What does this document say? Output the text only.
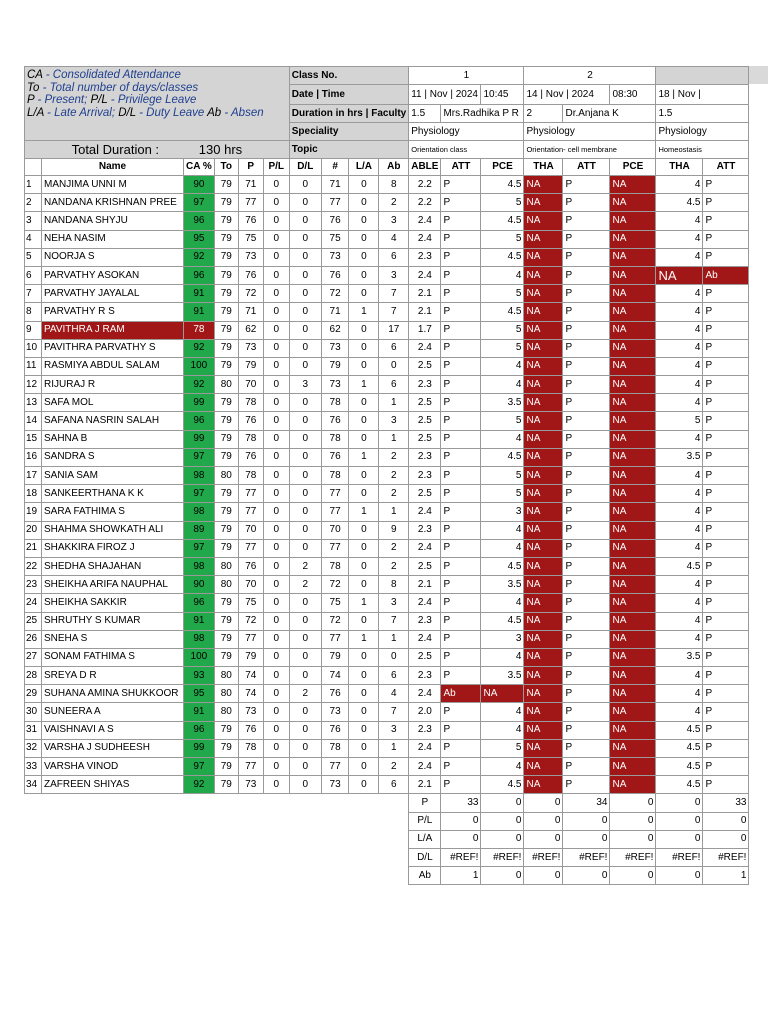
CA - Consolidated Attendance
To - Total number of days/classes
P - Present; P/L - Privilege Leave
L/A - Late Arrival; D/L - Duty Leave Ab - Absen						Class No.				1			2				
						Date | Time				11 | Nov | 2024		10:45	14 | Nov | 2024		08:30	18 | Nov |	
						Duration in hrs | Faculty				1.5	Mrs.Radhika P R		2	Dr.Anjana K		1.5	
						Speciality				Physiology			Physiology			Physiology	
Total Duration : 130 hrs						Topic				Orientation class			Orientation- cell membrane			Homeostasis	
	Name	CA %	To	P	P/L	D/L	#	L/A	Ab	ABLE	ATT	PCE	THA	ATT	PCE	THA	ATT
1	MANJIMA UNNI M	90	79	71	0	0	71	0	8	2.2	P	4.5	NA	P	NA	4	P
2	NANDANA KRISHNAN PREE	97	79	77	0	0	77	0	2	2.2	P	5	NA	P	NA	4.5	P
3	NANDANA SHYJU	96	79	76	0	0	76	0	3	2.4	P	4.5	NA	P	NA	4	P
4	NEHA NASIM	95	79	75	0	0	75	0	4	2.4	P	5	NA	P	NA	4	P
5	NOORJA S	92	79	73	0	0	73	0	6	2.3	P	4.5	NA	P	NA	4	P
6	PARVATHY ASOKAN	96	79	76	0	0	76	0	3	2.4	P	4	NA	P	NA	NA	Ab
7	PARVATHY JAYALAL	91	79	72	0	0	72	0	7	2.1	P	5	NA	P	NA	4	P
8	PARVATHY R S	91	79	71	0	0	71	1	7	2.1	P	4.5	NA	P	NA	4	P
9	PAVITHRA J RAM	78	79	62	0	0	62	0	17	1.7	P	5	NA	P	NA	4	P
10	PAVITHRA PARVATHY S	92	79	73	0	0	73	0	6	2.4	P	5	NA	P	NA	4	P
11	RASMIYA ABDUL SALAM	100	79	79	0	0	79	0	0	2.5	P	4	NA	P	NA	4	P
12	RIJURAJ R	92	80	70	0	3	73	1	6	2.3	P	4	NA	P	NA	4	P
13	SAFA MOL	99	79	78	0	0	78	0	1	2.5	P	3.5	NA	P	NA	4	P
14	SAFANA NASRIN SALAH	96	79	76	0	0	76	0	3	2.5	P	5	NA	P	NA	5	P
15	SAHNA B	99	79	78	0	0	78	0	1	2.5	P	4	NA	P	NA	4	P
16	SANDRA S	97	79	76	0	0	76	1	2	2.3	P	4.5	NA	P	NA	3.5	P
17	SANIA SAM	98	80	78	0	0	78	0	2	2.3	P	5	NA	P	NA	4	P
18	SANKEERTHANA K K	97	79	77	0	0	77	0	2	2.5	P	5	NA	P	NA	4	P
19	SARA FATHIMA S	98	79	77	0	0	77	1	1	2.4	P	3	NA	P	NA	4	P
20	SHAHMA SHOWKATH ALI	89	79	70	0	0	70	0	9	2.3	P	4	NA	P	NA	4	P
21	SHAKKIRA FIROZ J	97	79	77	0	0	77	0	2	2.4	P	4	NA	P	NA	4	P
22	SHEDHA SHAJAHAN	98	80	76	0	2	78	0	2	2.5	P	4.5	NA	P	NA	4.5	P
23	SHEIKHA ARIFA NAUPHAL	90	80	70	0	2	72	0	8	2.1	P	3.5	NA	P	NA	4	P
24	SHEIKHA SAKKIR	96	79	75	0	0	75	1	3	2.4	P	4	NA	P	NA	4	P
25	SHRUTHY S KUMAR	91	79	72	0	0	72	0	7	2.3	P	4.5	NA	P	NA	4	P
26	SNEHA S	98	79	77	0	0	77	1	1	2.4	P	3	NA	P	NA	4	P
27	SONAM FATHIMA S	100	79	79	0	0	79	0	0	2.5	P	4	NA	P	NA	3.5	P
28	SREYA D R	93	80	74	0	0	74	0	6	2.3	P	3.5	NA	P	NA	4	P
29	SUHANA AMINA SHUKKOOR	95	80	74	0	2	76	0	4	2.4	Ab	NA	NA	P	NA	4	P
30	SUNEERA A	91	80	73	0	0	73	0	7	2.0	P	4	NA	P	NA	4	P
31	VAISHNAVI A S	96	79	76	0	0	76	0	3	2.3	P	4	NA	P	NA	4.5	P
32	VARSHA J SUDHEESH	99	79	78	0	0	78	0	1	2.4	P	5	NA	P	NA	4.5	P
33	VARSHA VINOD	97	79	77	0	0	77	0	2	2.4	P	4	NA	P	NA	4.5	P
34	ZAFREEN SHIYAS	92	79	73	0	0	73	0	6	2.1	P	4.5	NA	P	NA	4.5	P
										P	33	0	0	34	0	0	33
										P/L	0	0	0	0	0	0	0
										L/A	0	0	0	0	0	0	0
										D/L	#REF!	#REF!	#REF!	#REF!	#REF!	#REF!	#REF!
										Ab	1	0	0	0	0	0	1
